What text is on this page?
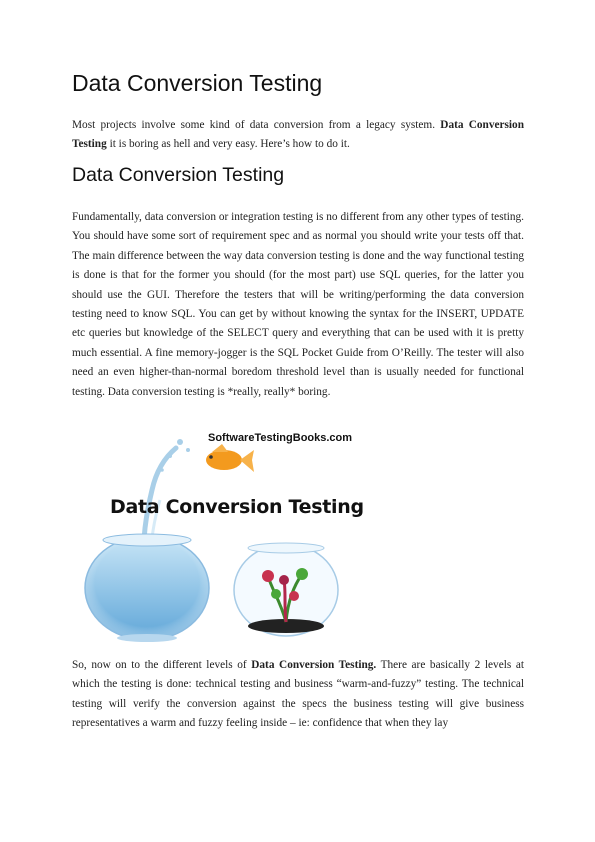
Data Conversion Testing

Most projects involve some kind of data conversion from a legacy system. Data Conversion Testing it is boring as hell and very easy. Here’s how to do it.

Data Conversion Testing

Fundamentally, data conversion or integration testing is no different from any other types of testing. You should have some sort of requirement spec and as normal you should write your tests off that. The main difference between the way data conversion testing is done and the way functional testing is done is that for the former you should (for the most part) use SQL queries, for the latter you should use the GUI. Therefore the testers that will be writing/performing the data conversion testing need to know SQL. You can get by without knowing the syntax for the INSERT, UPDATE etc queries but knowledge of the SELECT query and everything that can be used with it is pretty much essential. A fine memory-jogger is the SQL Pocket Guide from O’Reilly. The tester will also need an even higher-than-normal boredom threshold level than is usually needed for functional testing. Data conversion testing is *really, really* boring.

SoftwareTestingBooks.com
Data Conversion Testing

So, now on to the different levels of Data Conversion Testing. There are basically 2 levels at which the testing is done: technical testing and business “warm-and-fuzzy” testing. The technical testing will verify the conversion against the specs the business testing will give business representatives a warm and fuzzy feeling inside – ie: confidence that when they lay
